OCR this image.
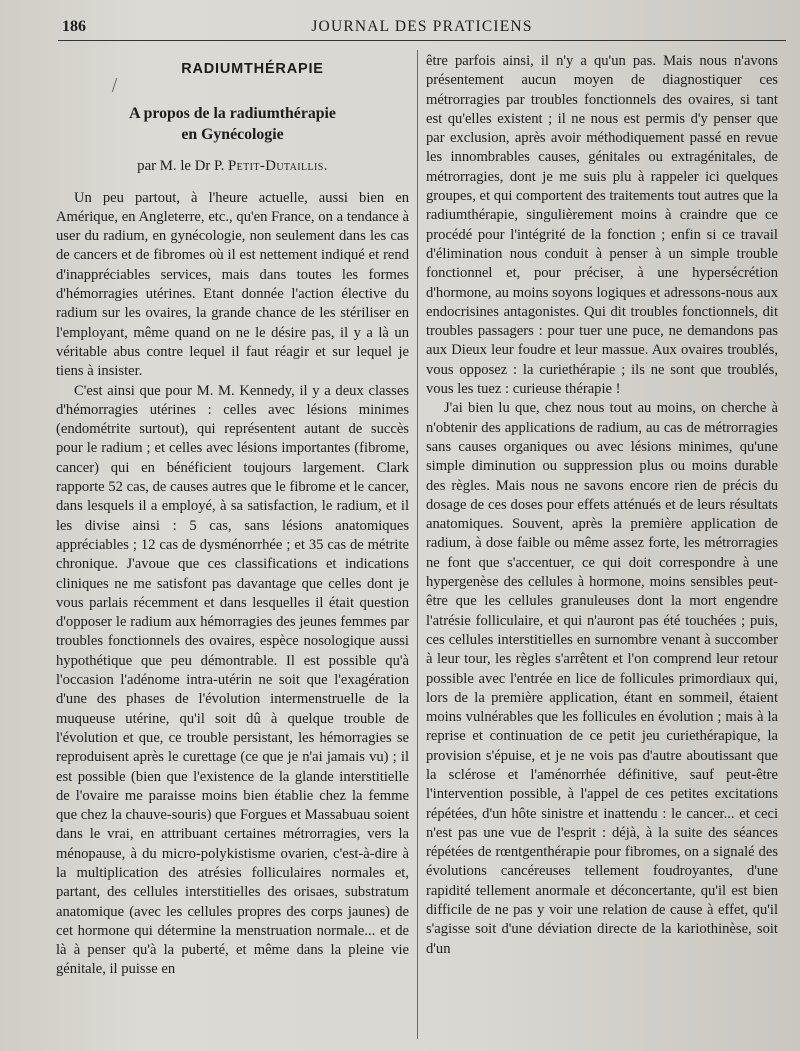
186	JOURNAL DES PRATICIENS
RADIUMTHÉRAPIE
A propos de la radiumthérapie
en Gynécologie
par M. le Dr P. Petit-Dutaillis.

Un peu partout, à l'heure actuelle, aussi bien en Amérique, en Angleterre, etc., qu'en France, on a tendance à user du radium, en gynécologie, non seulement dans les cas de cancers et de fibromes où il est nettement indiqué et rend d'inappréciables services, mais dans toutes les formes d'hémorragies utérines. Etant donnée l'action élective du radium sur les ovaires, la grande chance de les stériliser en l'employant, même quand on ne le désire pas, il y a là un véritable abus contre lequel il faut réagir et sur lequel je tiens à insister.

C'est ainsi que pour M. M. Kennedy, il y a deux classes d'hémorragies utérines : celles avec lésions minimes (endométrite surtout), qui représentent autant de succès pour le radium ; et celles avec lésions importantes (fibrome, cancer) qui en bénéficient toujours largement. Clark rapporte 52 cas, de causes autres que le fibrome et le cancer, dans lesquels il a employé, à sa satisfaction, le radium, et il les divise ainsi : 5 cas, sans lésions anatomiques appréciables ; 12 cas de dysménorrhée ; et 35 cas de métrite chronique. J'avoue que ces classifications et indications cliniques ne me satisfont pas davantage que celles dont je vous parlais récemment et dans lesquelles il était question d'opposer le radium aux hémorragies des jeunes femmes par troubles fonctionnels des ovaires, espèce nosologique aussi hypothétique que peu démontrable. Il est possible qu'à l'occasion l'adénome intra-utérin ne soit que l'exagération d'une des phases de l'évolution intermenstruelle de la muqueuse utérine, qu'il soit dû à quelque trouble de l'évolution et que, ce trouble persistant, les hémorragies se reproduisent après le curettage (ce que je n'ai jamais vu) ; il est possible (bien que l'existence de la glande interstitielle de l'ovaire me paraisse moins bien établie chez la femme que chez la chauve-souris) que Forgues et Massabuau soient dans le vrai, en attribuant certaines métrorragies, vers la ménopause, à du micro-polykistisme ovarien, c'est-à-dire à la multiplication des atrésies folliculaires normales et, partant, des cellules interstitielles des orisaes, substratum anatomique (avec les cellules propres des corps jaunes) de cet hormone qui détermine la menstruation normale... et de là à penser qu'à la puberté, et même dans la pleine vie génitale, il puisse en

être parfois ainsi, il n'y a qu'un pas. Mais nous n'avons présentement aucun moyen de diagnostiquer ces métrorragies par troubles fonctionnels des ovaires, si tant est qu'elles existent ; il ne nous est permis d'y penser que par exclusion, après avoir méthodiquement passé en revue les innombrables causes, génitales ou extragénitales, de métrorragies, dont je me suis plu à rappeler ici quelques groupes, et qui comportent des traitements tout autres que la radiumthérapie, singulièrement moins à craindre que ce procédé pour l'intégrité de la fonction ; enfin si ce travail d'élimination nous conduit à penser à un simple trouble fonctionnel et, pour préciser, à une hypersécrétion d'hormone, au moins soyons logiques et adressons-nous aux endocrisines antagonistes. Qui dit troubles fonctionnels, dit troubles passagers : pour tuer une puce, ne demandons pas aux Dieux leur foudre et leur massue. Aux ovaires troublés, vous opposez : la curiethérapie ; ils ne sont que troublés, vous les tuez : curieuse thérapie !

J'ai bien lu que, chez nous tout au moins, on cherche à n'obtenir des applications de radium, au cas de métrorragies sans causes organiques ou avec lésions minimes, qu'une simple diminution ou suppression plus ou moins durable des règles. Mais nous ne savons encore rien de précis du dosage de ces doses pour effets atténués et de leurs résultats anatomiques. Souvent, après la première application de radium, à dose faible ou même assez forte, les métrorragies ne font que s'accentuer, ce qui doit correspondre à une hypergenèse des cellules à hormone, moins sensibles peut-être que les cellules granuleuses dont la mort engendre l'atrésie folliculaire, et qui n'auront pas été touchées ; puis, ces cellules interstitielles en surnombre venant à succomber à leur tour, les règles s'arrêtent et l'on comprend leur retour possible avec l'entrée en lice de follicules primordiaux qui, lors de la première application, étant en sommeil, étaient moins vulnérables que les follicules en évolution ; mais à la reprise et continuation de ce petit jeu curiethérapique, la provision s'épuise, et je ne vois pas d'autre aboutissant que la sclérose et l'aménorrhée définitive, sauf peut-être l'intervention possible, à l'appel de ces petites excitations répétées, d'un hôte sinistre et inattendu : le cancer... et ceci n'est pas une vue de l'esprit : déjà, à la suite des séances répétées de rœntgenthérapie pour fibromes, on a signalé des évolutions cancéreuses tellement foudroyantes, d'une rapidité tellement anormale et déconcertante, qu'il est bien difficile de ne pas y voir une relation de cause à effet, qu'il s'agisse soit d'une déviation directe de la kariothinèse, soit d'un
